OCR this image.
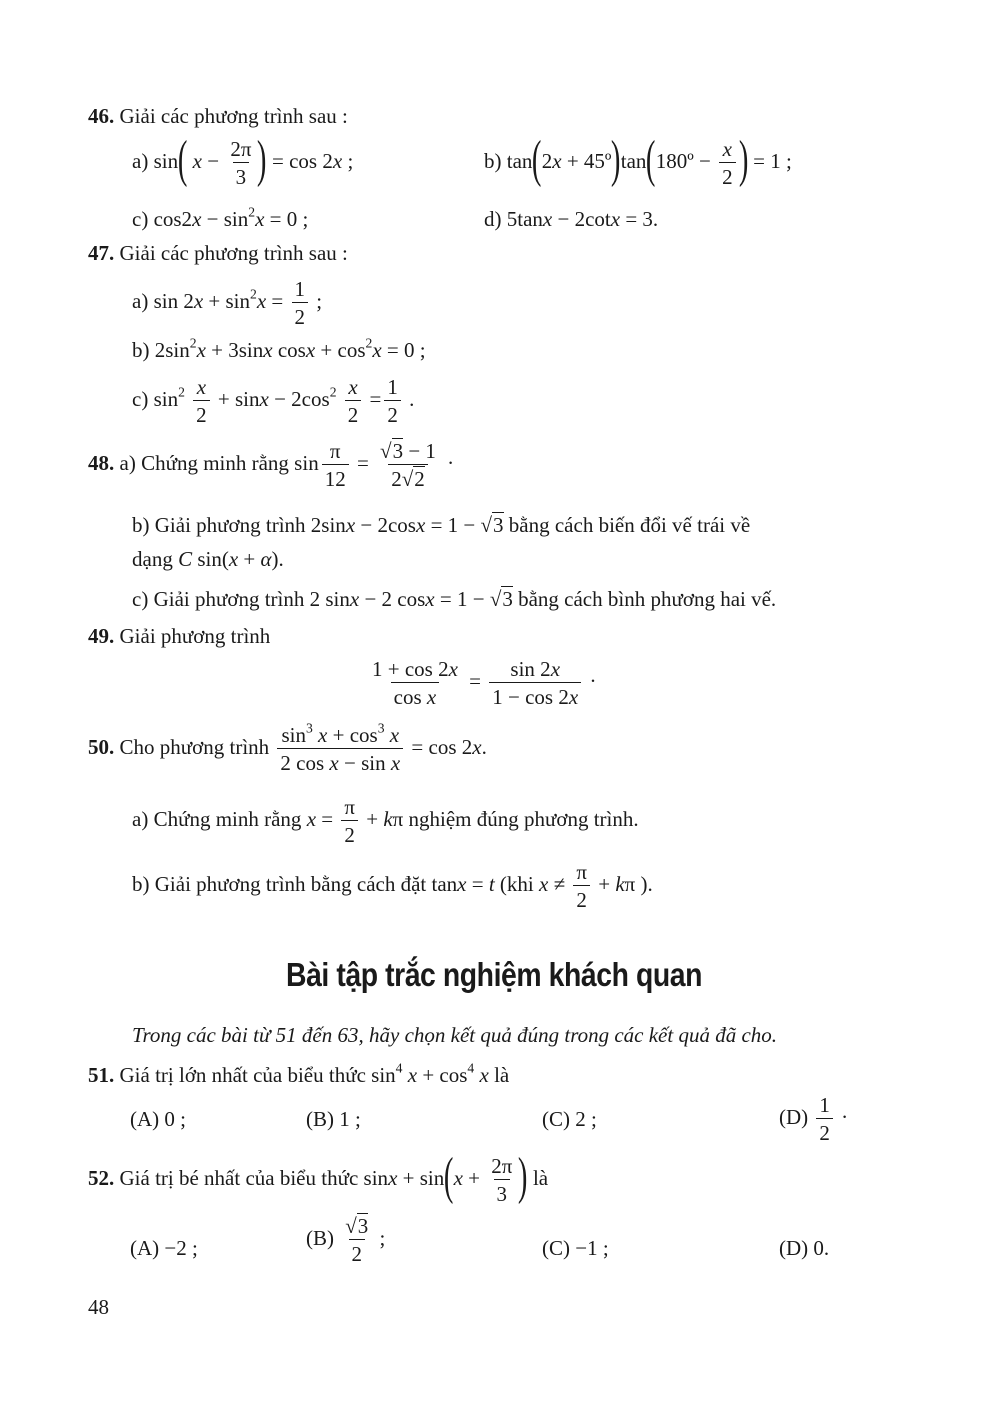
46. Giải các phương trình sau :
a) sin( $x - \frac{2\pi}{3}$ ) = cos 2x ;	b) tan(2x + 45º)tan(180º − $\frac{x}{2}$ ) = 1 ;
c) $\cos 2x - \sin^2x = 0$ ;	d) 5tanx − 2cotx = 3.
47. Giải các phương trình sau :
a) $\sin 2x + \sin^2x = \frac{1}{2}$ ;
b) $2\sin^2x + 3\sin x$ $\cos x + \cos^2x = 0$ ;
c) $\sin^2 \frac{x}{2} + \sin x - 2\cos^2 \frac{x}{2} = \frac{1}{2}$ .
48. a) Chứng minh rằng $\sin \frac{\pi}{12} = \frac{√3 - 1}{2√2}$ ·
b) Giải phương trình 2sinx − 2cosx = 1 − √3 bằng cách biến đổi vế trái về
dạng C sin(x + α).
c) Giải phương trình 2 sinx − 2 cosx = 1 − √3 bằng cách bình phương hai vế.
49. Giải phương trình
$\frac{1 + \cos 2x}{\text{cos x}} = \frac{\sin 2x}{1 - \cos 2x}$ ·
50. Cho phương trình $\frac{\sin^3 x + \cos^3 x}{\text{2 cos x − sin x}} = \cos 2x$.
a) Chứng minh rằng $x = \frac{\pi}{2} + k\pi$ nghiệm đúng phương trình.
b) Giải phương trình bằng cách đặt tanx = t (khi $x \ne \frac{\pi}{2} + k\pi$ ).
Bài tập trắc nghiệm khách quan
Trong các bài từ 51 đến 63, hãy chọn kết quả đúng trong các kết quả đã cho.
51. Giá trị lớn nhất của biểu thức $\sin^4 x + \cos^4 x$ là
(A) 0 ;	(B) 1 ;	(C) 2 ;	$(D) \frac{1}{2}$ ·
52. Giá trị bé nhất của biểu thức $\sin x + \sin(x + \frac{2\pi}{3}$ ) là
(A) −2 ;	$(B) \frac{√3}{2}$ ;	(C) −1 ;	(D) 0.
48
